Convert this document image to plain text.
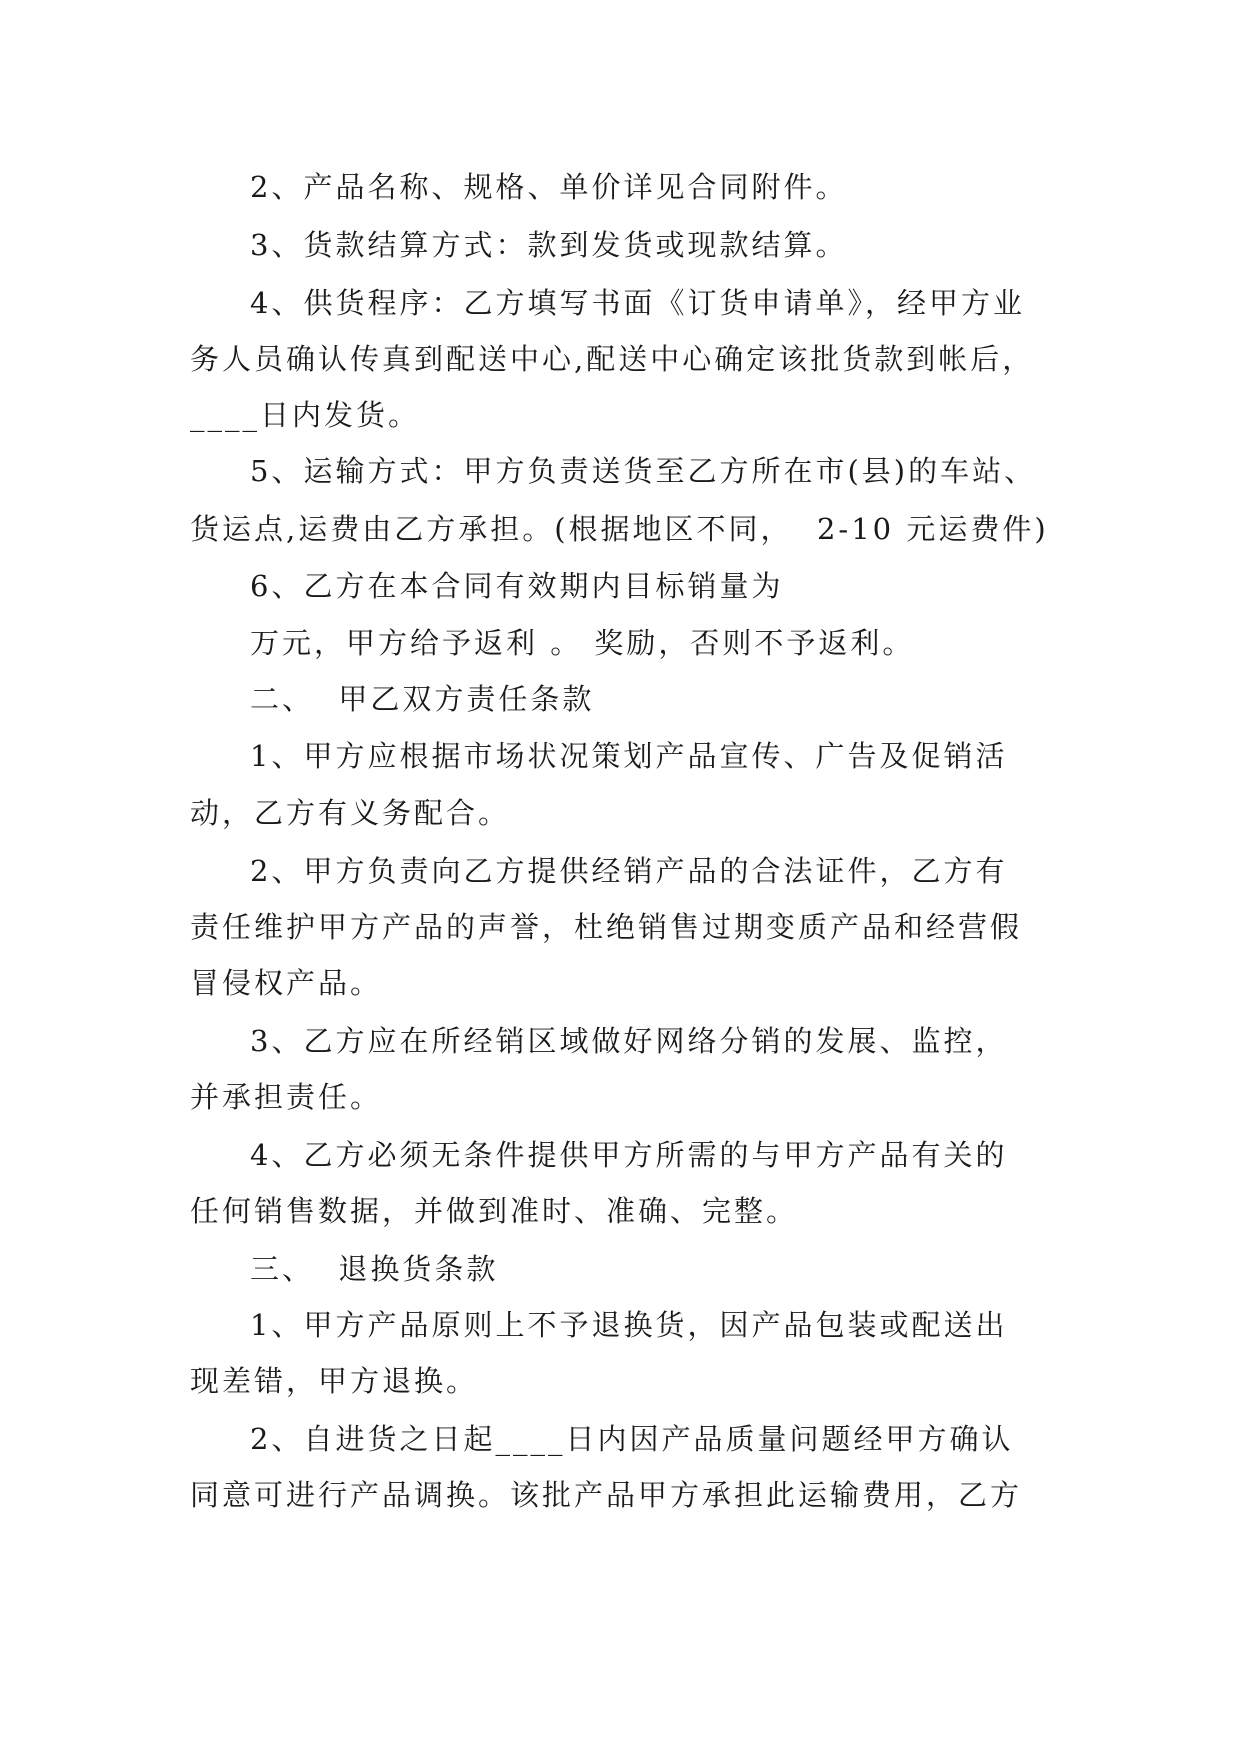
2、产品名称、规格、单价详见合同附件。
3、货款结算方式：款到发货或现款结算。
4、供货程序：乙方填写书面《订货申请单》，经甲方业
务人员确认传真到配送中心,配送中心确定该批货款到帐后，
____日内发货。
5、运输方式：甲方负责送货至乙方所在市(县)的车站、
货运点,运费由乙方承担。(根据地区不同，  2-10 元运费件)
6、乙方在本合同有效期内目标销量为
万元，甲方给予返利 。 奖励，否则不予返利。
二、  甲乙双方责任条款
1、甲方应根据市场状况策划产品宣传、广告及促销活
动，乙方有义务配合。
2、甲方负责向乙方提供经销产品的合法证件，乙方有
责任维护甲方产品的声誉，杜绝销售过期变质产品和经营假
冒侵权产品。
3、乙方应在所经销区域做好网络分销的发展、监控，
并承担责任。
4、乙方必须无条件提供甲方所需的与甲方产品有关的
任何销售数据，并做到准时、准确、完整。
三、  退换货条款
1、甲方产品原则上不予退换货，因产品包装或配送出
现差错，甲方退换。
2、自进货之日起____日内因产品质量问题经甲方确认
同意可进行产品调换。该批产品甲方承担此运输费用，乙方
